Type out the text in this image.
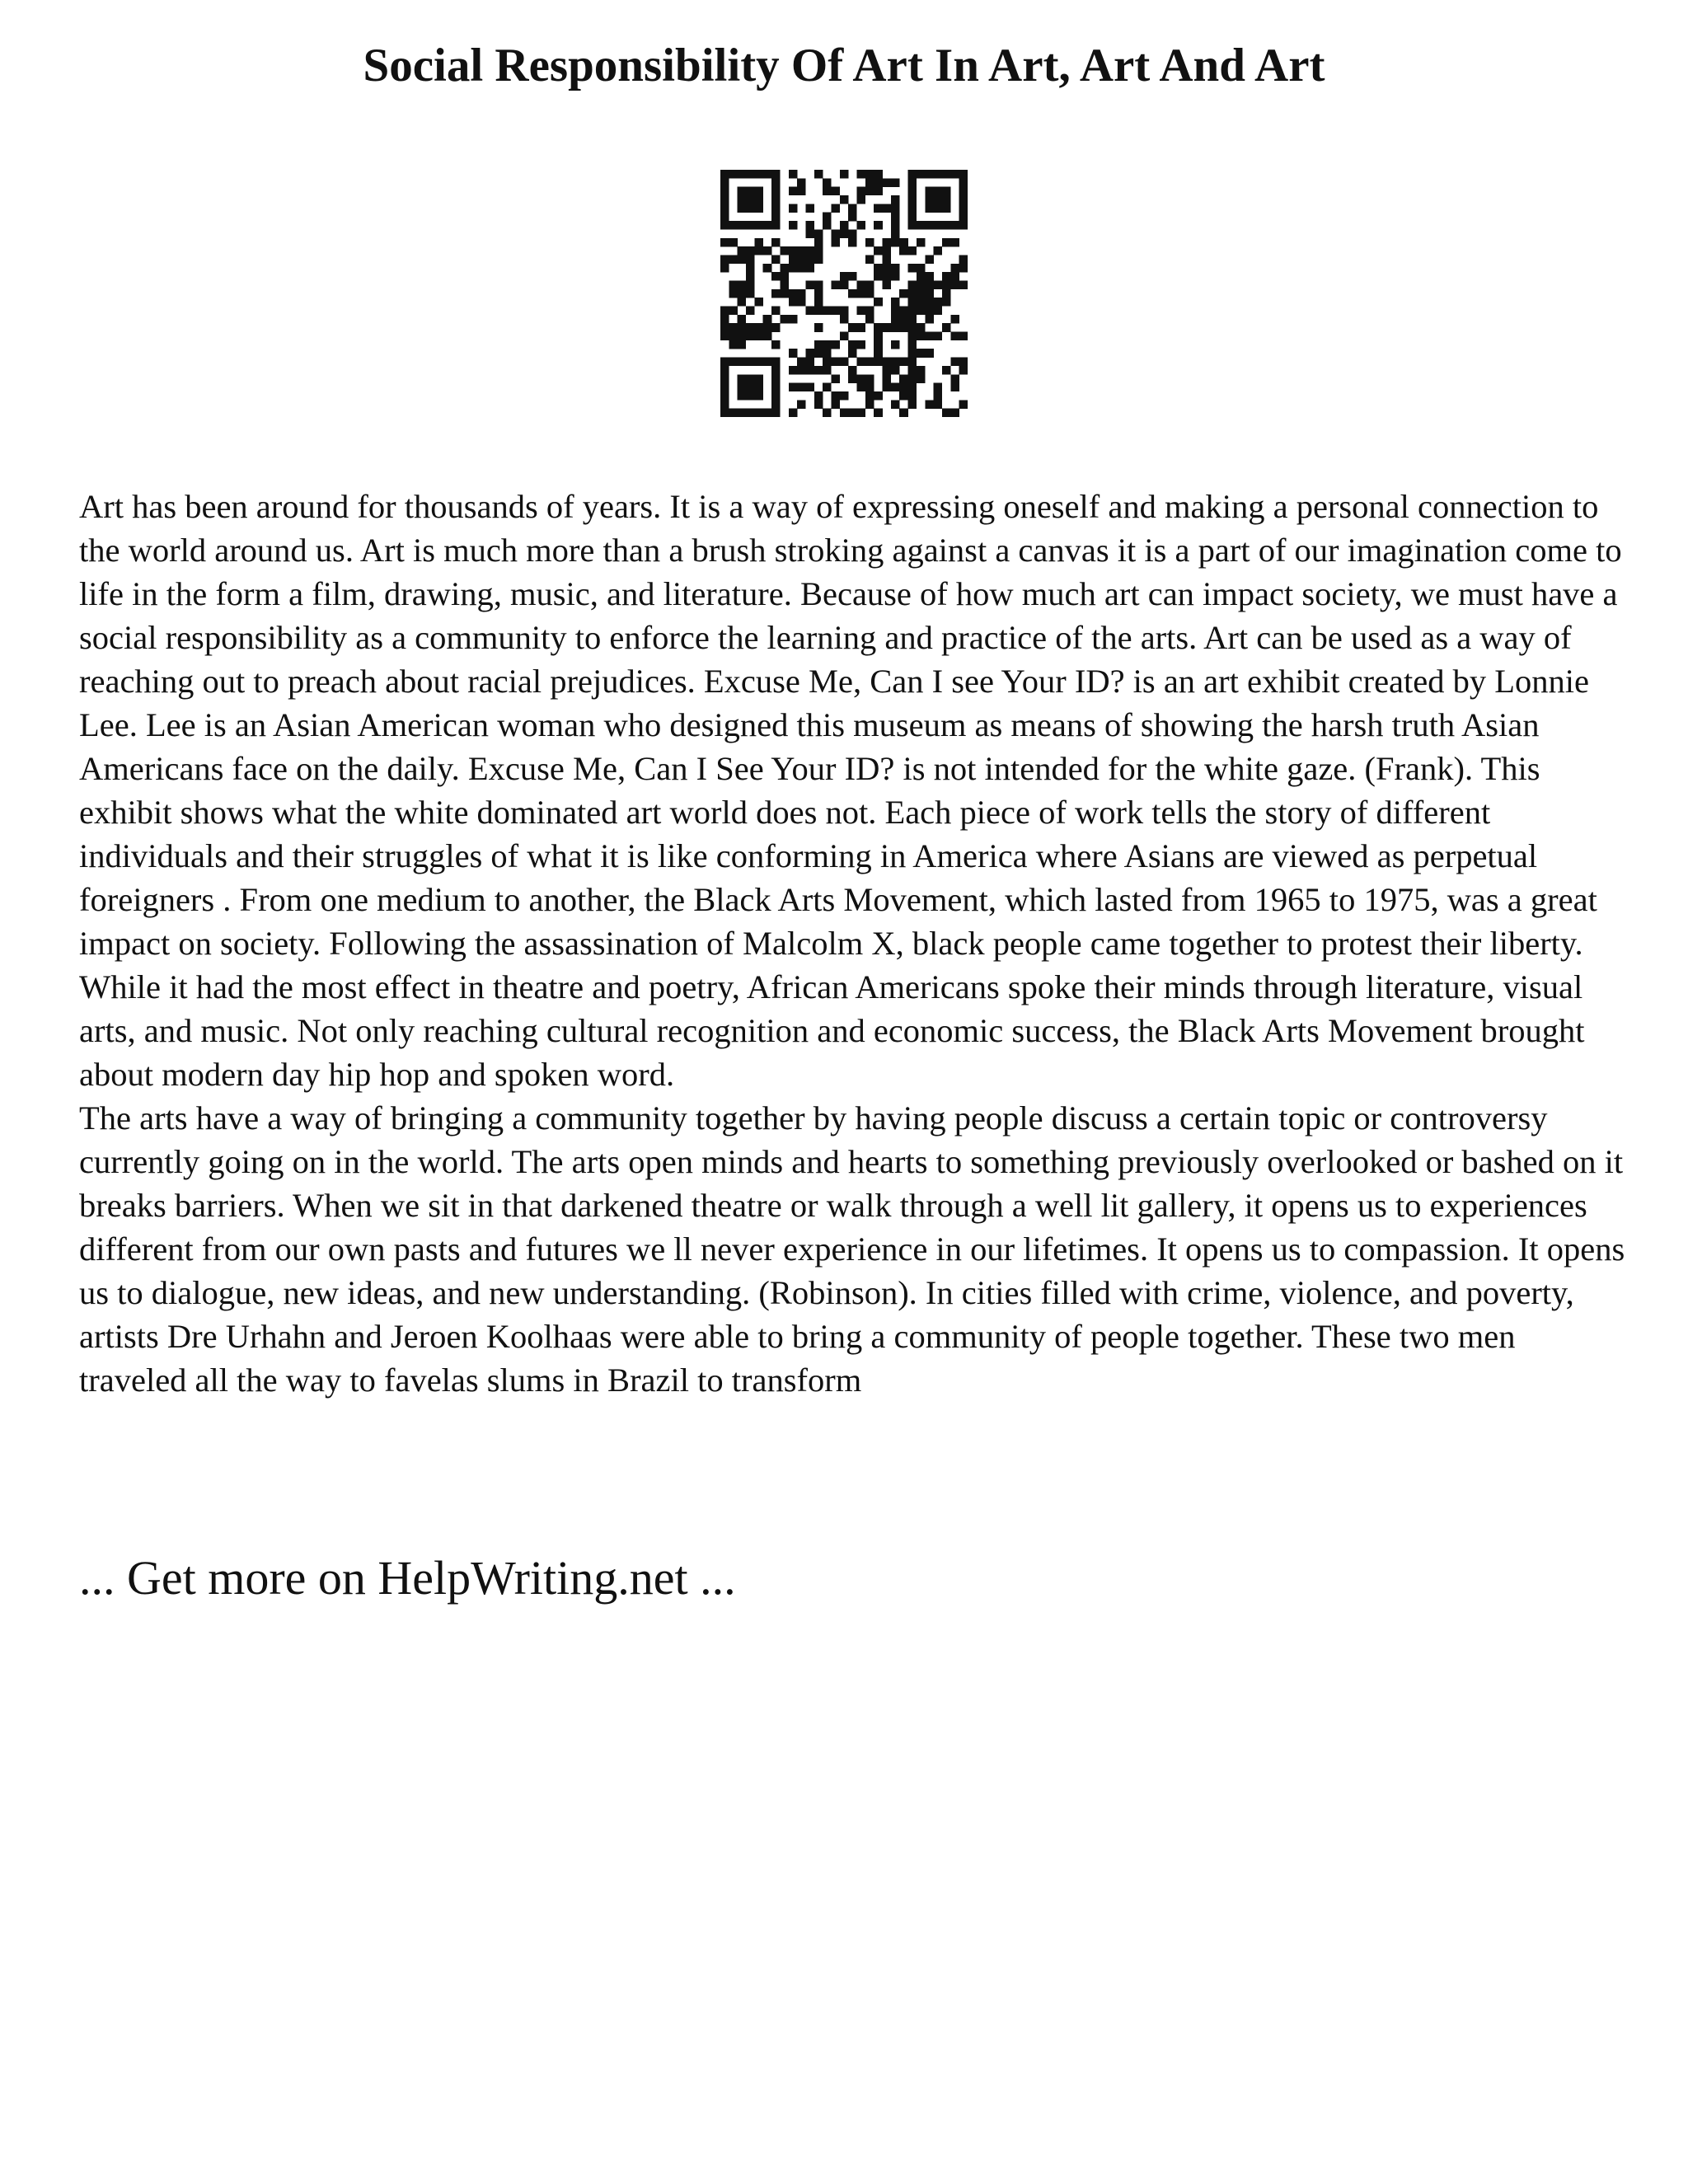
Social Responsibility Of Art In Art, Art And Art

Art has been around for thousands of years. It is a way of expressing oneself and making a personal connection to the world around us. Art is much more than a brush stroking against a canvas it is a part of our imagination come to life in the form a film, drawing, music, and literature. Because of how much art can impact society, we must have a social responsibility as a community to enforce the learning and practice of the arts. Art can be used as a way of reaching out to preach about racial prejudices. Excuse Me, Can I see Your ID? is an art exhibit created by Lonnie Lee. Lee is an Asian American woman who designed this museum as means of showing the harsh truth Asian Americans face on the daily. Excuse Me, Can I See Your ID? is not intended for the white gaze. (Frank). This exhibit shows what the white dominated art world does not. Each piece of work tells the story of different individuals and their struggles of what it is like conforming in America where Asians are viewed as perpetual foreigners . From one medium to another, the Black Arts Movement, which lasted from 1965 to 1975, was a great impact on society. Following the assassination of Malcolm X, black people came together to protest their liberty. While it had the most effect in theatre and poetry, African Americans spoke their minds through literature, visual arts, and music. Not only reaching cultural recognition and economic success, the Black Arts Movement brought about modern day hip hop and spoken word.

The arts have a way of bringing a community together by having people discuss a certain topic or controversy currently going on in the world. The arts open minds and hearts to something previously overlooked or bashed on it breaks barriers. When we sit in that darkened theatre or walk through a well lit gallery, it opens us to experiences different from our own pasts and futures we ll never experience in our lifetimes. It opens us to compassion. It opens us to dialogue, new ideas, and new understanding. (Robinson). In cities filled with crime, violence, and poverty, artists Dre Urhahn and Jeroen Koolhaas were able to bring a community of people together. These two men traveled all the way to favelas slums in Brazil to transform

... Get more on HelpWriting.net ...
